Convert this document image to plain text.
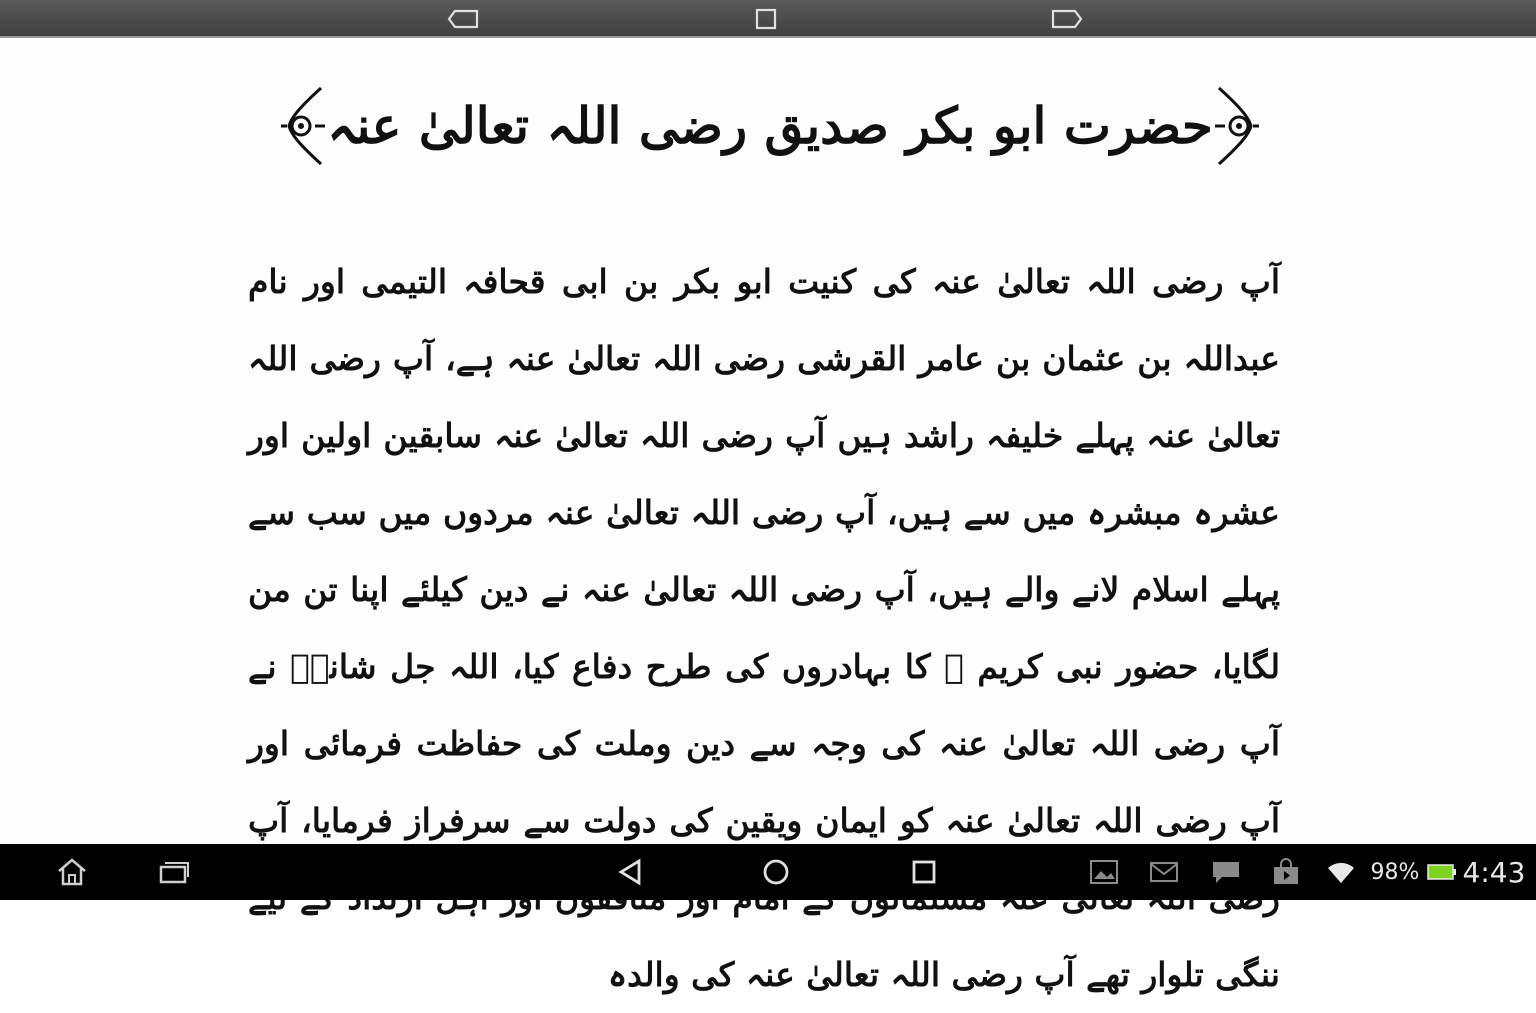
حضرت ابو بکر صدیق رضی اللہ تعالیٰ عنہ
آپ رضی اللہ تعالیٰ عنہ کی کنیت ابو بکر بن ابی قحافہ التیمی اور نام عبداللہ بن عثمان بن عامر القرشی رضی اللہ تعالیٰ عنہ ہے، آپ رضی اللہ تعالیٰ عنہ پہلے خلیفہ راشد ہیں آپ رضی اللہ تعالیٰ عنہ سابقین اولین اور عشرہ مبشرہ میں سے ہیں، آپ رضی اللہ تعالیٰ عنہ مردوں میں سب سے پہلے اسلام لانے والے ہیں، آپ رضی اللہ تعالیٰ عنہ نے دین کیلئے اپنا تن من لگایا، حضور نبی کریم ﷺ کا بہادروں کی طرح دفاع کیا، اللہ جل شانہٗ نے آپ رضی اللہ تعالیٰ عنہ کی وجہ سے دین وملت کی حفاظت فرمائی اور آپ رضی اللہ تعالیٰ عنہ کو ایمان ویقین کی دولت سے سرفراز فرمایا، آپ ننگی تلوار تھے آپ رضی اللہ تعالیٰ عنہ کی والدہ
98% 4:43
